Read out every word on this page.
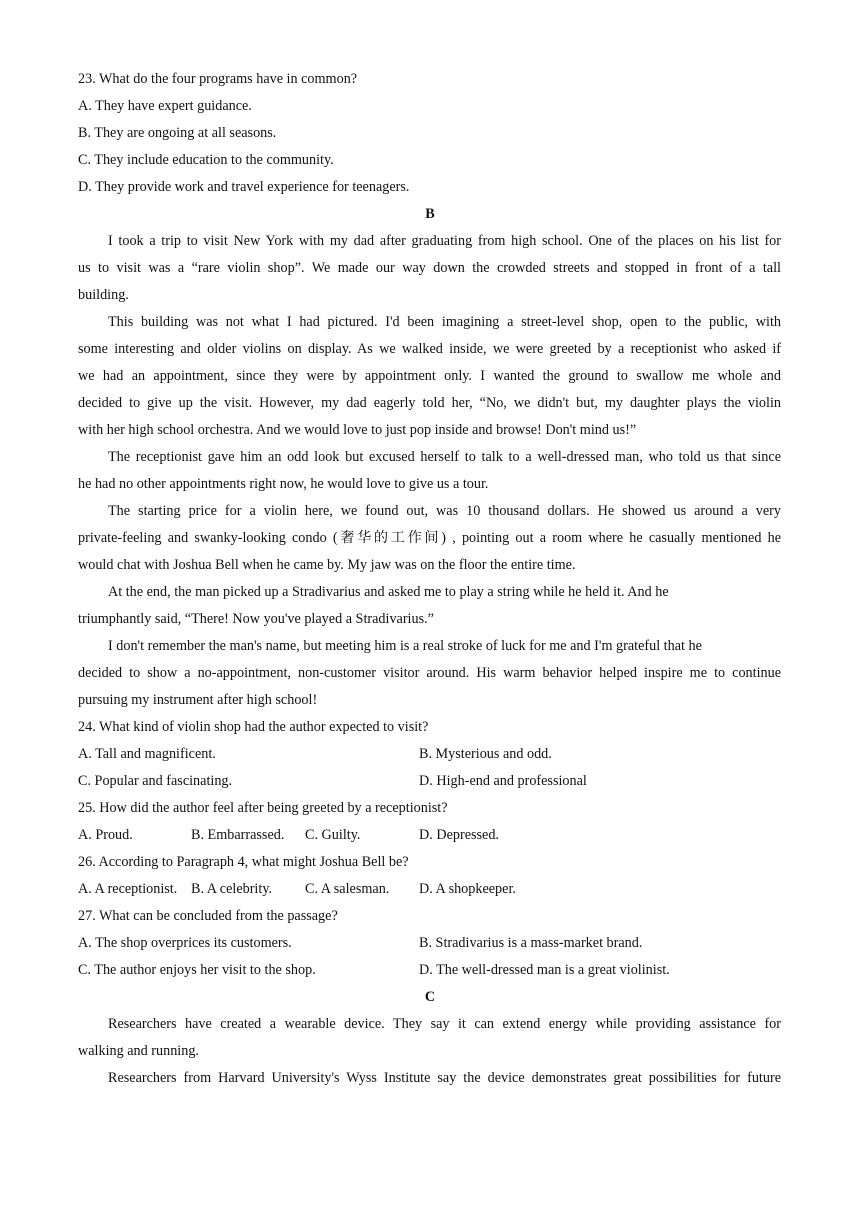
23. What do the four programs have in common?
A. They have expert guidance.
B. They are ongoing at all seasons.
C. They include education to the community.
D. They provide work and travel experience for teenagers.
B
I took a trip to visit New York with my dad after graduating from high school. One of the places on his list for
us to visit was a “rare violin shop”. We made our way down the crowded streets and stopped in front of a tall
building.
This building was not what I had pictured. I'd been imagining a street-level shop, open to the public, with
some interesting and older violins on display. As we walked inside, we were greeted by a receptionist who asked if
we had an appointment, since they were by appointment only. I wanted the ground to swallow me whole and
decided to give up the visit. However, my dad eagerly told her, “No, we didn't but, my daughter plays the violin
with her high school orchestra. And we would love to just pop inside and browse! Don't mind us!”
The receptionist gave him an odd look but excused herself to talk to a well-dressed man, who told us that since
he had no other appointments right now, he would love to give us a tour.
The starting price for a violin here, we found out, was 10 thousand dollars. He showed us around a very
private-feeling and swanky-looking condo (奢华的工作间) , pointing out a room where he casually mentioned he
would chat with Joshua Bell when he came by. My jaw was on the floor the entire time.
At the end, the man picked up a Stradivarius and asked me to play a string while he held it. And he
triumphantly said, “There! Now you've played a Stradivarius.”
I don't remember the man's name, but meeting him is a real stroke of luck for me and I'm grateful that he
decided to show a no-appointment, non-customer visitor around. His warm behavior helped inspire me to continue
pursuing my instrument after high school!
24. What kind of violin shop had the author expected to visit?
A. Tall and magnificent.	B. Mysterious and odd.
C. Popular and fascinating.	D. High-end and professional
25. How did the author feel after being greeted by a receptionist?
A. Proud.	B. Embarrassed. C. Guilty.	D. Depressed.
26. According to Paragraph 4, what might Joshua Bell be?
A. A receptionist. B. A celebrity. C. A salesman. D. A shopkeeper.
27. What can be concluded from the passage?
A. The shop overprices its customers.	B. Stradivarius is a mass-market brand.
C. The author enjoys her visit to the shop.	D. The well-dressed man is a great violinist.
C
Researchers have created a wearable device. They say it can extend energy while providing assistance for
walking and running.
Researchers from Harvard University's Wyss Institute say the device demonstrates great possibilities for future
